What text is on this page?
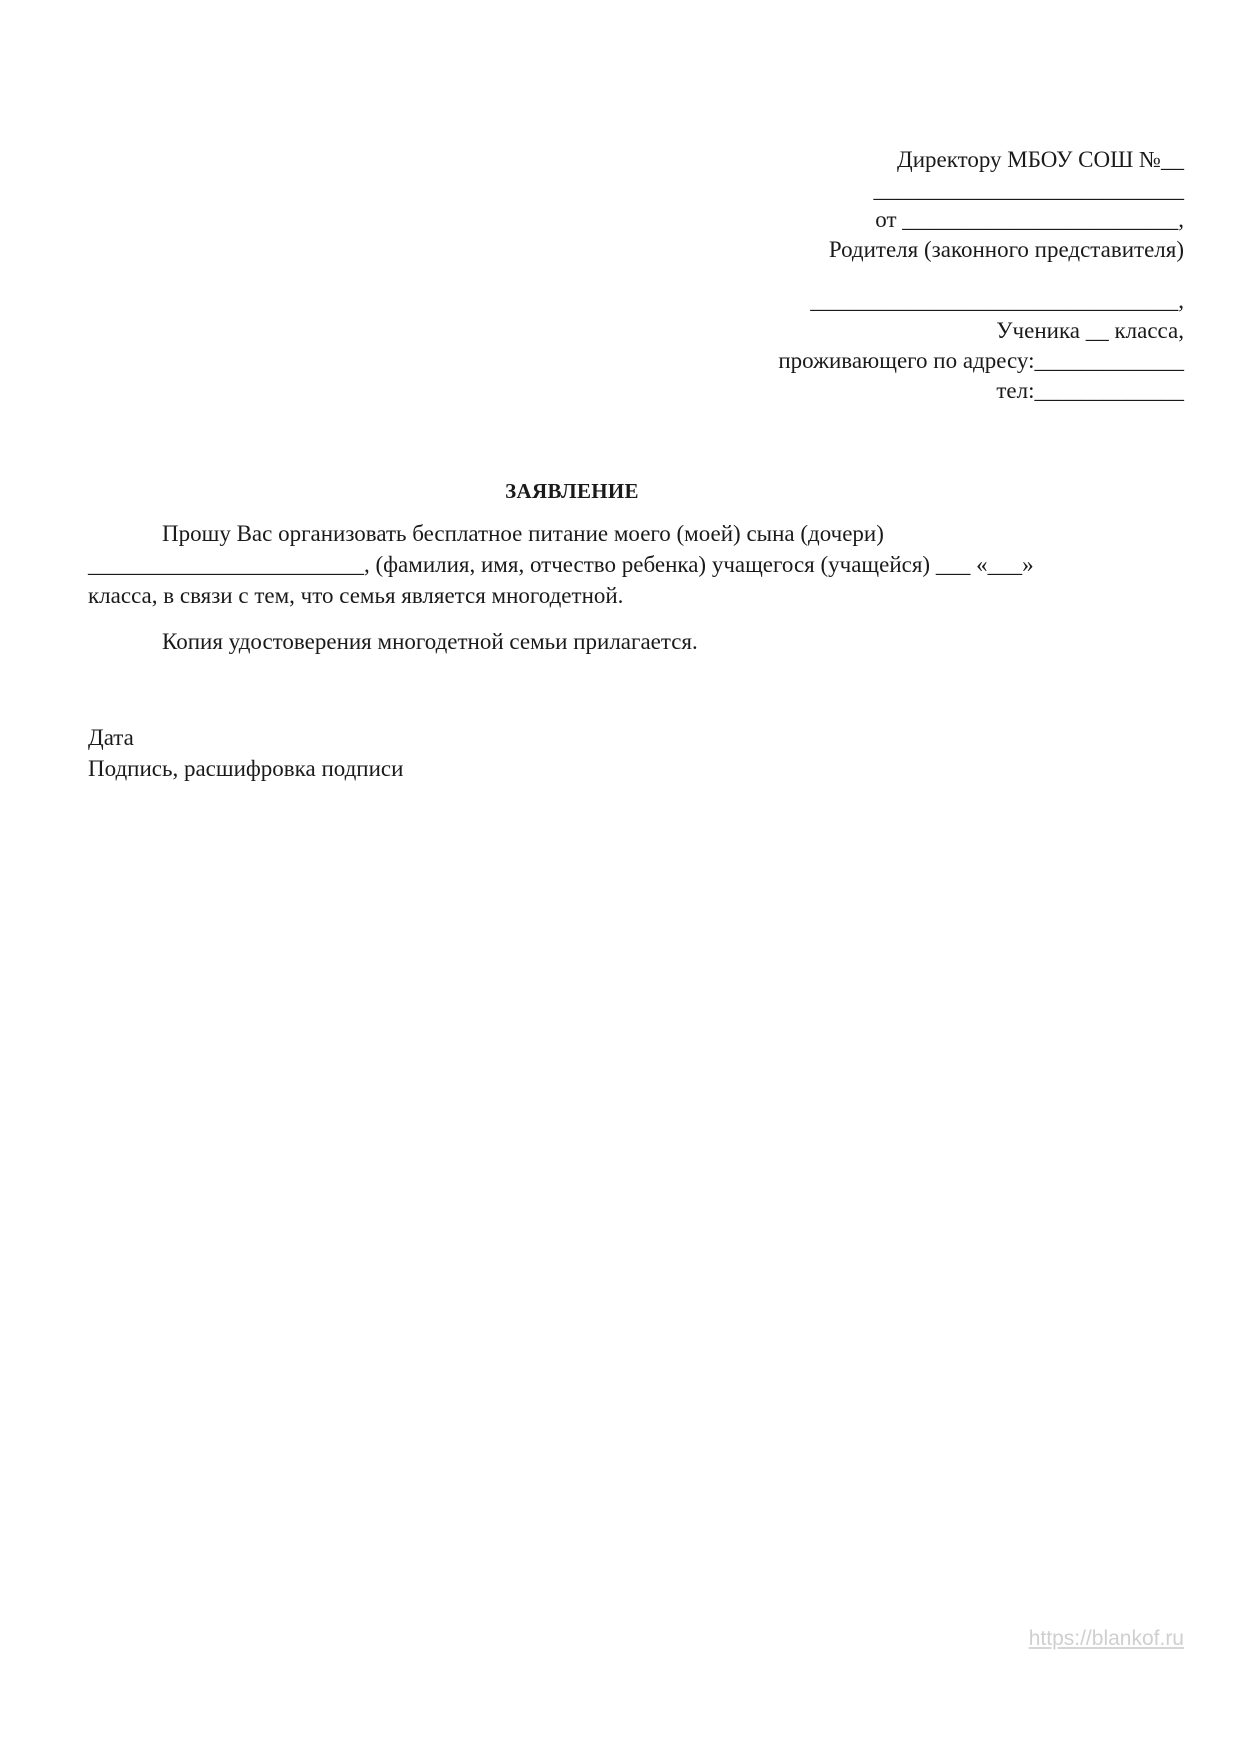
Директору МБОУ СОШ №__
___________________________
от ________________________,
Родителя (законного представителя)
________________________________,
Ученика __ класса,
проживающего по адресу:_____________
тел:_____________
ЗАЯВЛЕНИЕ
Прошу Вас организовать бесплатное питание моего (моей) сына (дочери)
________________________, (фамилия, имя, отчество ребенка) учащегося (учащейся) ___ «___»
класса, в связи с тем, что семья является многодетной.
Копия удостоверения многодетной семьи прилагается.
Дата
Подпись, расшифровка подписи
https://blankof.ru
